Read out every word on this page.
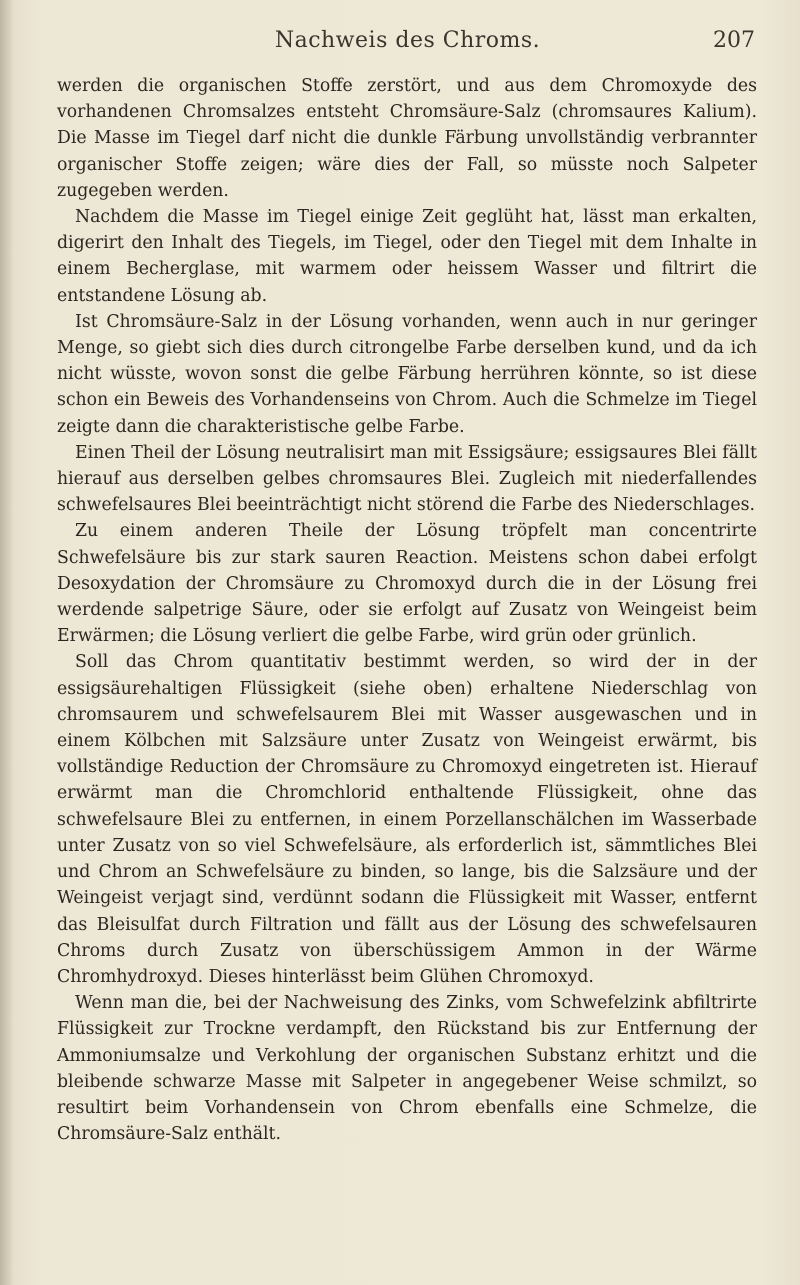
Nachweis des Chroms.	207

werden die organischen Stoffe zerstört, und aus dem Chromoxyde des vorhandenen Chromsalzes entsteht Chromsäure-Salz (chromsaures Kalium). Die Masse im Tiegel darf nicht die dunkle Färbung unvollständig verbrannter organischer Stoffe zeigen; wäre dies der Fall, so müsste noch Salpeter zugegeben werden.

Nachdem die Masse im Tiegel einige Zeit geglüht hat, lässt man erkalten, digerirt den Inhalt des Tiegels, im Tiegel, oder den Tiegel mit dem Inhalte in einem Becherglase, mit warmem oder heissem Wasser und filtrirt die entstandene Lösung ab.

Ist Chromsäure-Salz in der Lösung vorhanden, wenn auch in nur geringer Menge, so giebt sich dies durch citrongelbe Farbe derselben kund, und da ich nicht wüsste, wovon sonst die gelbe Färbung herrühren könnte, so ist diese schon ein Beweis des Vorhandenseins von Chrom. Auch die Schmelze im Tiegel zeigte dann die charakteristische gelbe Farbe.

Einen Theil der Lösung neutralisirt man mit Essigsäure; essigsaures Blei fällt hierauf aus derselben gelbes chromsaures Blei. Zugleich mit niederfallendes schwefelsaures Blei beeinträchtigt nicht störend die Farbe des Niederschlages.

Zu einem anderen Theile der Lösung tröpfelt man concentrirte Schwefelsäure bis zur stark sauren Reaction. Meistens schon dabei erfolgt Desoxydation der Chromsäure zu Chromoxyd durch die in der Lösung frei werdende salpetrige Säure, oder sie erfolgt auf Zusatz von Weingeist beim Erwärmen; die Lösung verliert die gelbe Farbe, wird grün oder grünlich.

Soll das Chrom quantitativ bestimmt werden, so wird der in der essigsäurehaltigen Flüssigkeit (siehe oben) erhaltene Niederschlag von chromsaurem und schwefelsaurem Blei mit Wasser ausgewaschen und in einem Kölbchen mit Salzsäure unter Zusatz von Weingeist erwärmt, bis vollständige Reduction der Chromsäure zu Chromoxyd eingetreten ist. Hierauf erwärmt man die Chromchlorid enthaltende Flüssigkeit, ohne das schwefelsaure Blei zu entfernen, in einem Porzellanschälchen im Wasserbade unter Zusatz von so viel Schwefelsäure, als erforderlich ist, sämmtliches Blei und Chrom an Schwefelsäure zu binden, so lange, bis die Salzsäure und der Weingeist verjagt sind, verdünnt sodann die Flüssigkeit mit Wasser, entfernt das Bleisulfat durch Filtration und fällt aus der Lösung des schwefelsauren Chroms durch Zusatz von überschüssigem Ammon in der Wärme Chromhydroxyd. Dieses hinterlässt beim Glühen Chromoxyd.

Wenn man die, bei der Nachweisung des Zinks, vom Schwefelzink abfiltrirte Flüssigkeit zur Trockne verdampft, den Rückstand bis zur Entfernung der Ammoniumsalze und Verkohlung der organischen Substanz erhitzt und die bleibende schwarze Masse mit Salpeter in angegebener Weise schmilzt, so resultirt beim Vorhandensein von Chrom ebenfalls eine Schmelze, die Chromsäure-Salz enthält.
